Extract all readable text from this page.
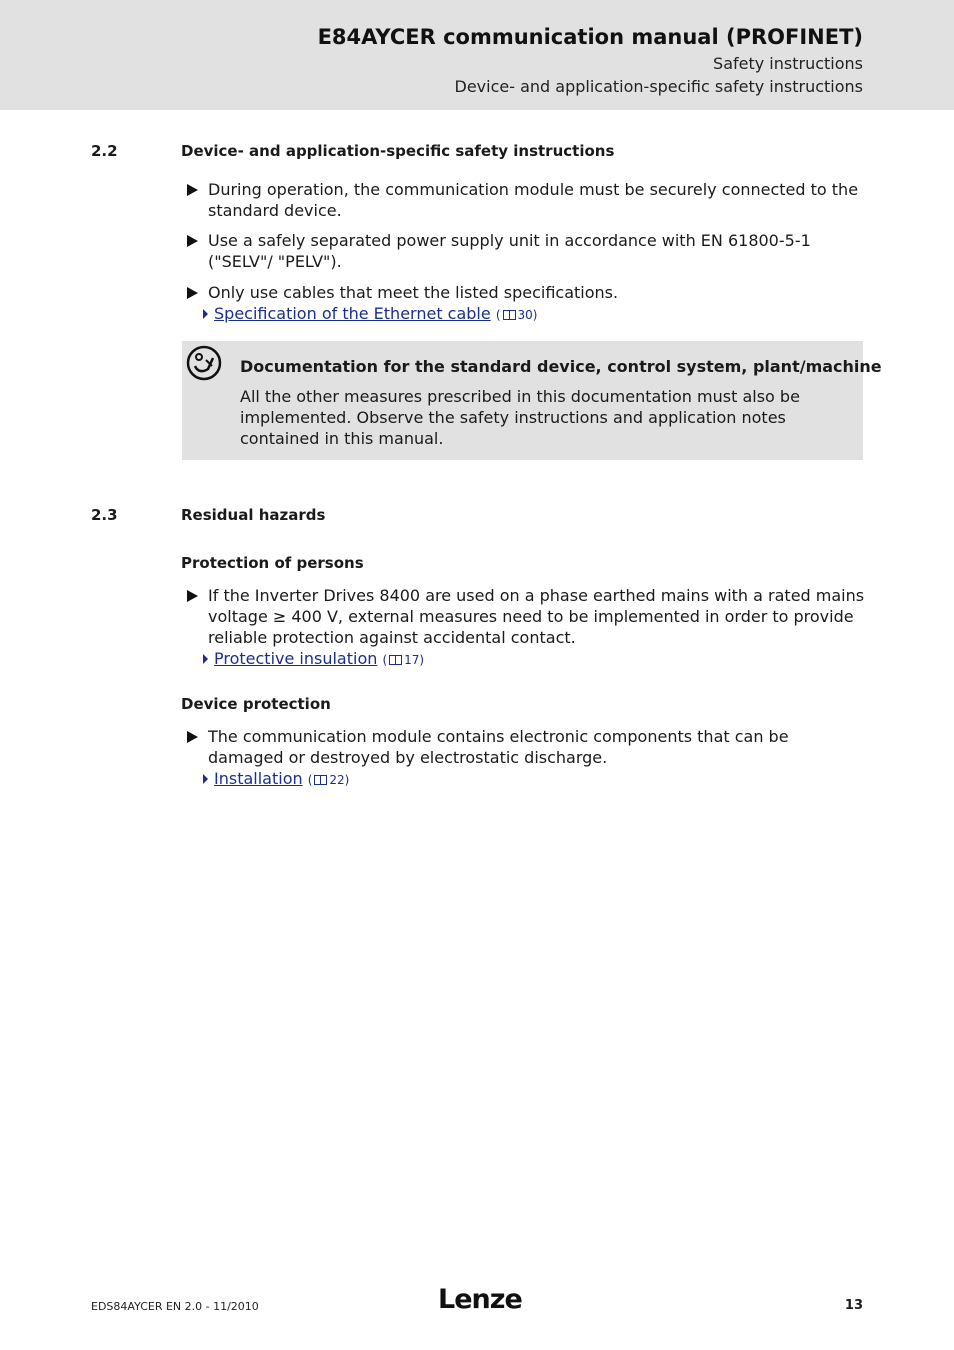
E84AYCER communication manual (PROFINET)
Safety instructions
Device- and application-specific safety instructions
2.2	Device- and application-specific safety instructions
During operation, the communication module must be securely connected to the standard device.
Use a safely separated power supply unit in accordance with EN 61800-5-1 ("SELV"/ "PELV").
Only use cables that meet the listed specifications.
Specification of the Ethernet cable ( 30)
Documentation for the standard device, control system, plant/machine
All the other measures prescribed in this documentation must also be implemented. Observe the safety instructions and application notes contained in this manual.
2.3	Residual hazards
Protection of persons
If the Inverter Drives 8400 are used on a phase earthed mains with a rated mains voltage ≥ 400 V, external measures need to be implemented in order to provide reliable protection against accidental contact.
Protective insulation ( 17)
Device protection
The communication module contains electronic components that can be damaged or destroyed by electrostatic discharge.
Installation ( 22)
EDS84AYCER EN 2.0 - 11/2010	Lenze	13
